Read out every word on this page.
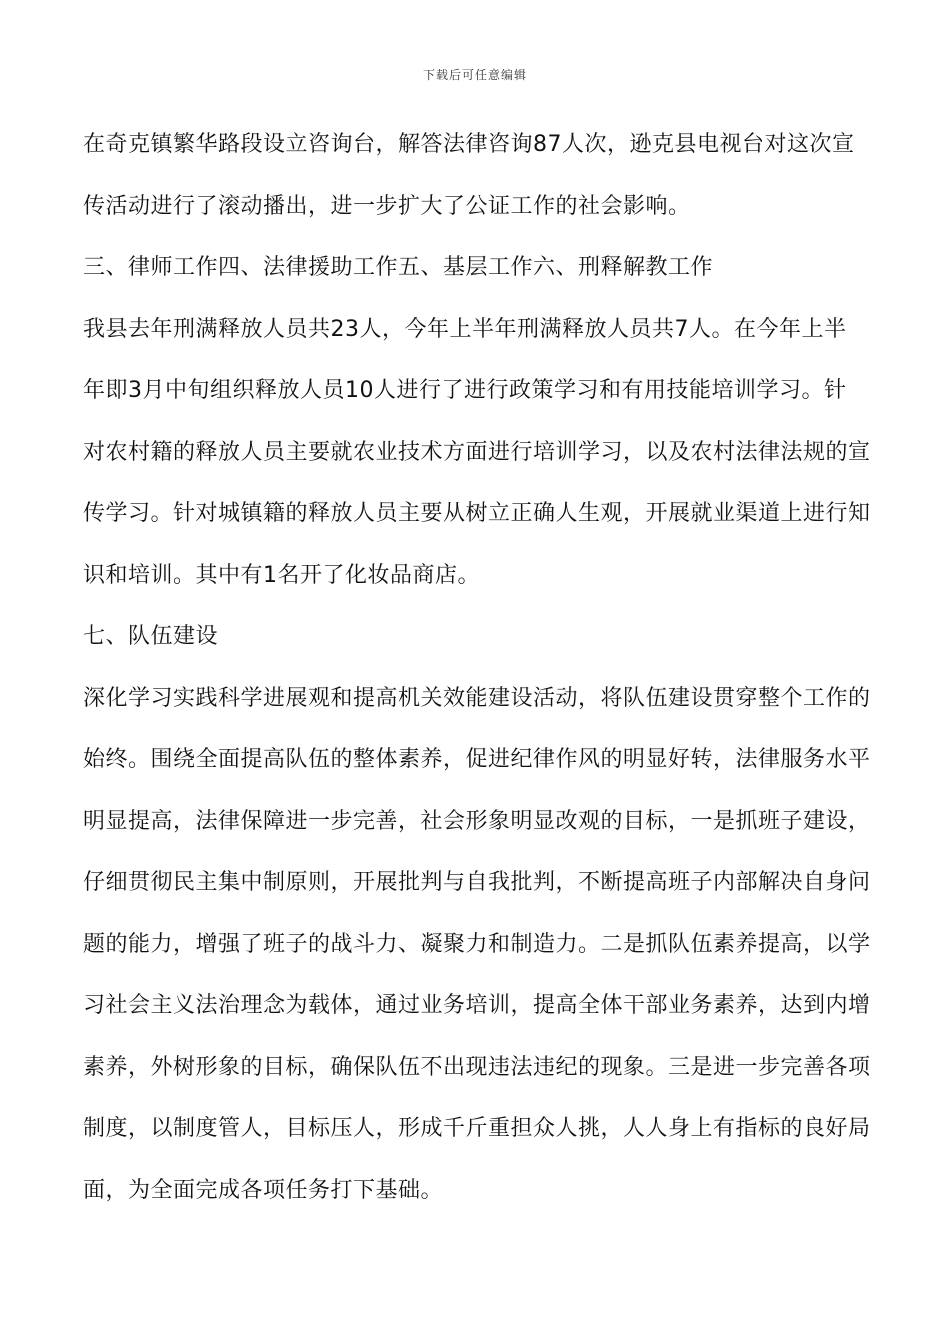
下载后可任意编辑
在奇克镇繁华路段设立咨询台，解答法律咨询87人次，逊克县电视台对这次宣
传活动进行了滚动播出，进一步扩大了公证工作的社会影响。
三、律师工作四、法律援助工作五、基层工作六、刑释解教工作
我县去年刑满释放人员共23人，今年上半年刑满释放人员共7人。在今年上半
年即3月中旬组织释放人员10人进行了进行政策学习和有用技能培训学习。针
对农村籍的释放人员主要就农业技术方面进行培训学习，以及农村法律法规的宣
传学习。针对城镇籍的释放人员主要从树立正确人生观，开展就业渠道上进行知
识和培训。其中有1名开了化妆品商店。
七、队伍建设
深化学习实践科学进展观和提高机关效能建设活动，将队伍建设贯穿整个工作的
始终。围绕全面提高队伍的整体素养，促进纪律作风的明显好转，法律服务水平
明显提高，法律保障进一步完善，社会形象明显改观的目标，一是抓班子建设，
仔细贯彻民主集中制原则，开展批判与自我批判，不断提高班子内部解决自身问
题的能力，增强了班子的战斗力、凝聚力和制造力。二是抓队伍素养提高，以学
习社会主义法治理念为载体，通过业务培训，提高全体干部业务素养，达到内增
素养，外树形象的目标，确保队伍不出现违法违纪的现象。三是进一步完善各项
制度，以制度管人，目标压人，形成千斤重担众人挑，人人身上有指标的良好局
面，为全面完成各项任务打下基础。
